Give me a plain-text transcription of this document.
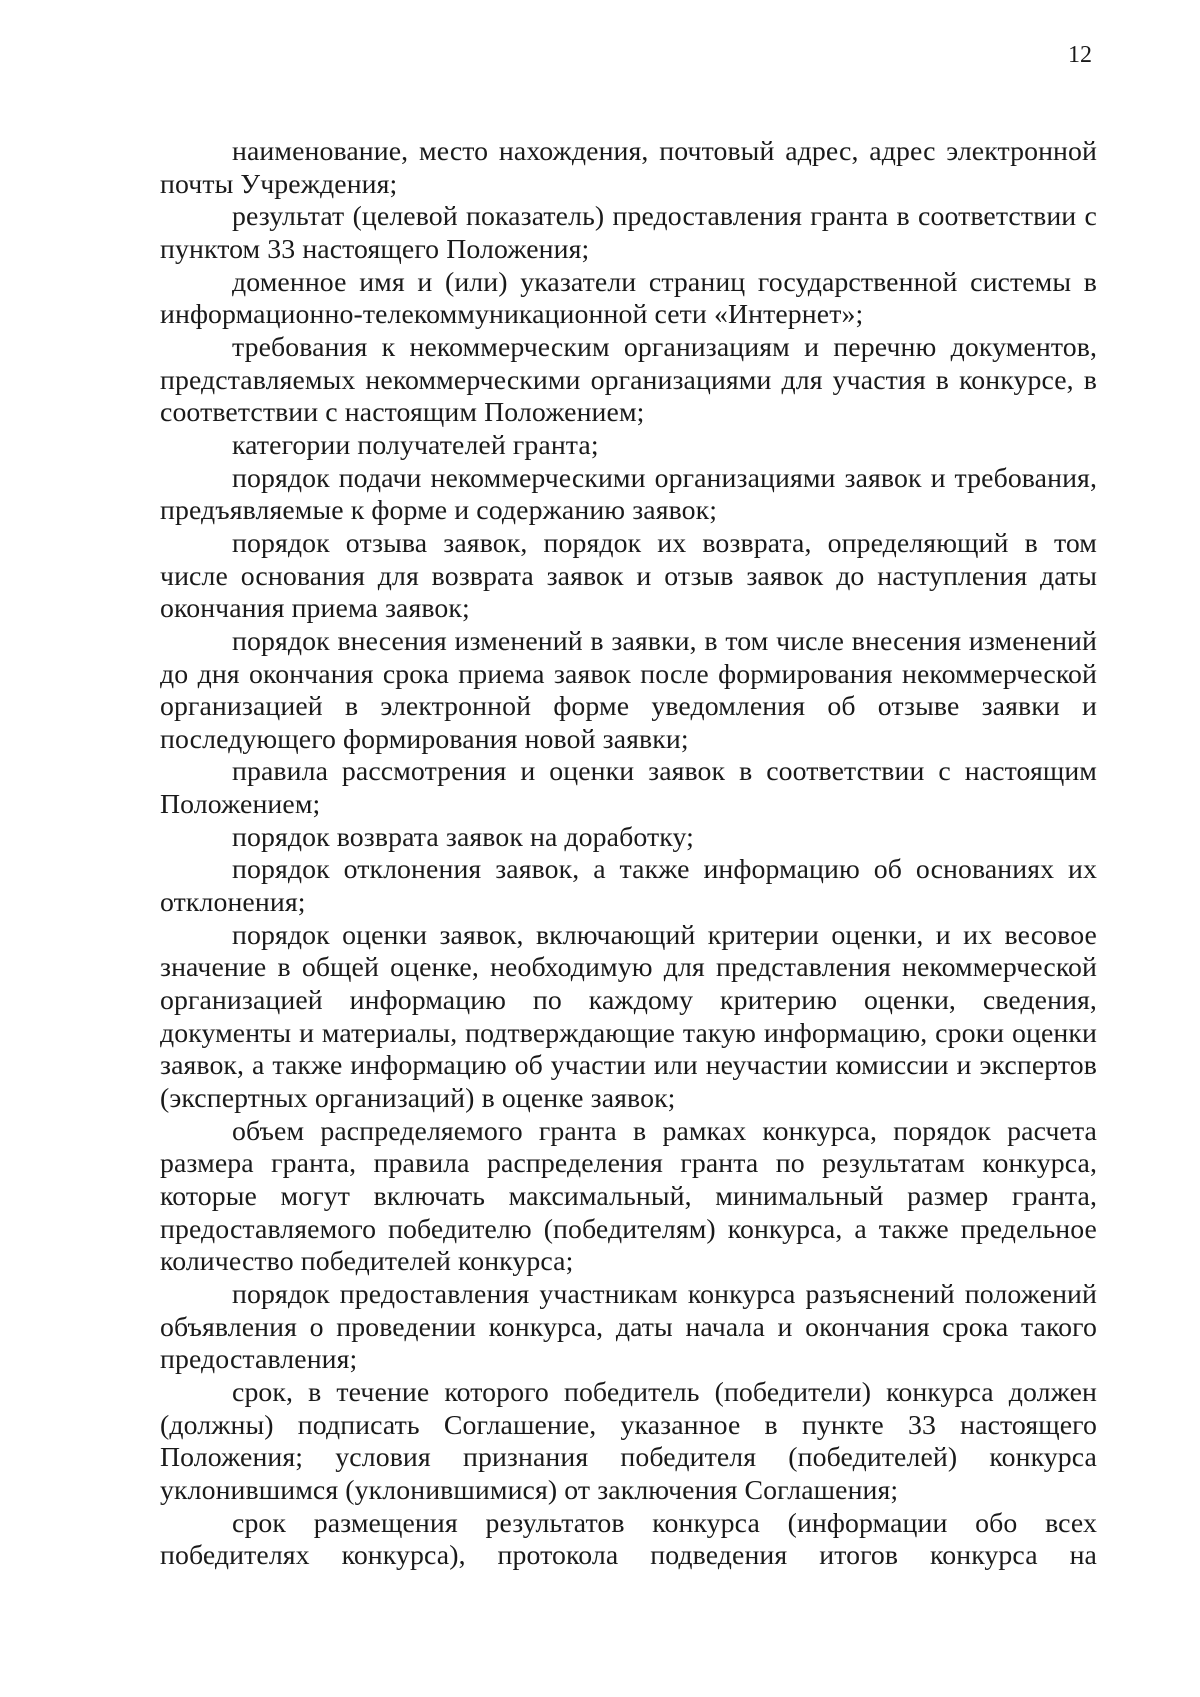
12

наименование, место нахождения, почтовый адрес, адрес электронной почты Учреждения;

результат (целевой показатель) предоставления гранта в соответствии с пунктом 33 настоящего Положения;

доменное имя и (или) указатели страниц государственной системы в информационно-телекоммуникационной сети «Интернет»;

требования к некоммерческим организациям и перечню документов, представляемых некоммерческими организациями для участия в конкурсе, в соответствии с настоящим Положением;

категории получателей гранта;

порядок подачи некоммерческими организациями заявок и требования, предъявляемые к форме и содержанию заявок;

порядок отзыва заявок, порядок их возврата, определяющий в том числе основания для возврата заявок и отзыв заявок до наступления даты окончания приема заявок;

порядок внесения изменений в заявки, в том числе внесения изменений до дня окончания срока приема заявок после формирования некоммерческой организацией в электронной форме уведомления об отзыве заявки и последующего формирования новой заявки;

правила рассмотрения и оценки заявок в соответствии с настоящим Положением;

порядок возврата заявок на доработку;

порядок отклонения заявок, а также информацию об основаниях их отклонения;

порядок оценки заявок, включающий критерии оценки, и их весовое значение в общей оценке, необходимую для представления некоммерческой организацией информацию по каждому критерию оценки, сведения, документы и материалы, подтверждающие такую информацию, сроки оценки заявок, а также информацию об участии или неучастии комиссии и экспертов (экспертных организаций) в оценке заявок;

объем распределяемого гранта в рамках конкурса, порядок расчета размера гранта, правила распределения гранта по результатам конкурса, которые могут включать максимальный, минимальный размер гранта, предоставляемого победителю (победителям) конкурса, а также предельное количество победителей конкурса;

порядок предоставления участникам конкурса разъяснений положений объявления о проведении конкурса, даты начала и окончания срока такого предоставления;

срок, в течение которого победитель (победители) конкурса должен (должны) подписать Соглашение, указанное в пункте 33 настоящего Положения; условия признания победителя (победителей) конкурса уклонившимся (уклонившимися) от заключения Соглашения;

срок размещения результатов конкурса (информации обо всех победителях конкурса), протокола подведения итогов конкурса на
